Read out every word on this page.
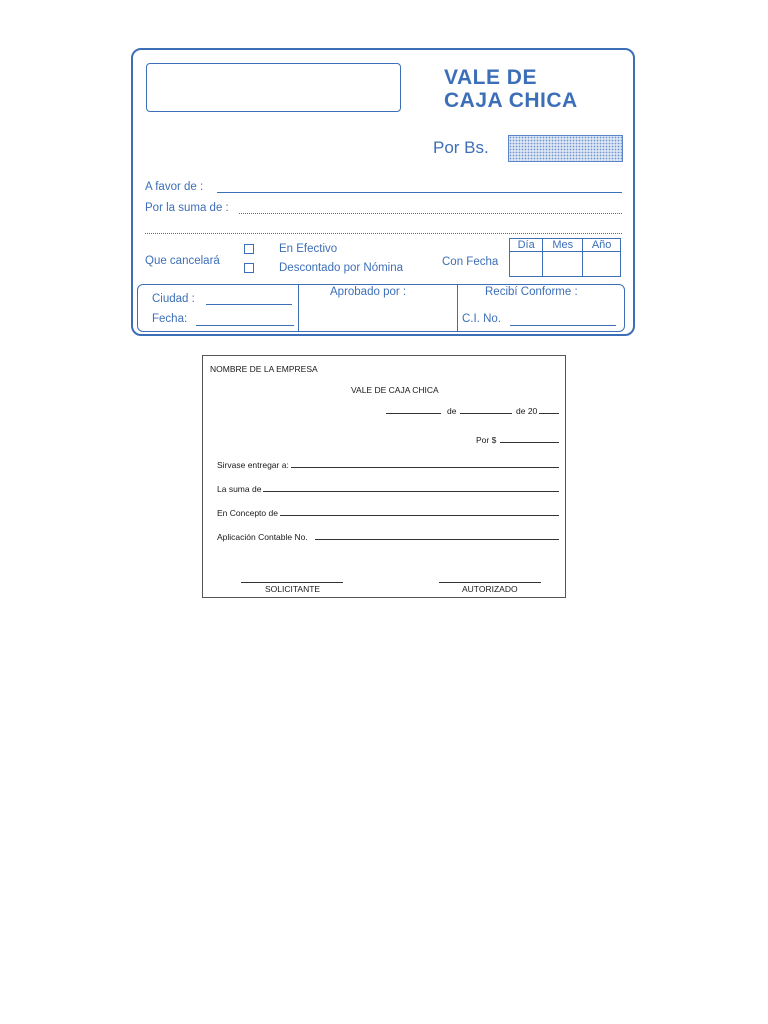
VALE DE
CAJA CHICA
Por Bs.
A favor de :
Por la suma de :
Que cancelará
En Efectivo
Descontado por Nómina	Con Fecha
Día	Mes	Año

Ciudad :
Fecha:
Aprobado por :	Recibí Conforme :
C.I. No.
NOMBRE DE LA EMPRESA
VALE DE CAJA CHICA
de	de 20
Por $
Sirvase entregar a:
La suma de
En Concepto de
Aplicación Contable No.
SOLICITANTE	AUTORIZADO
